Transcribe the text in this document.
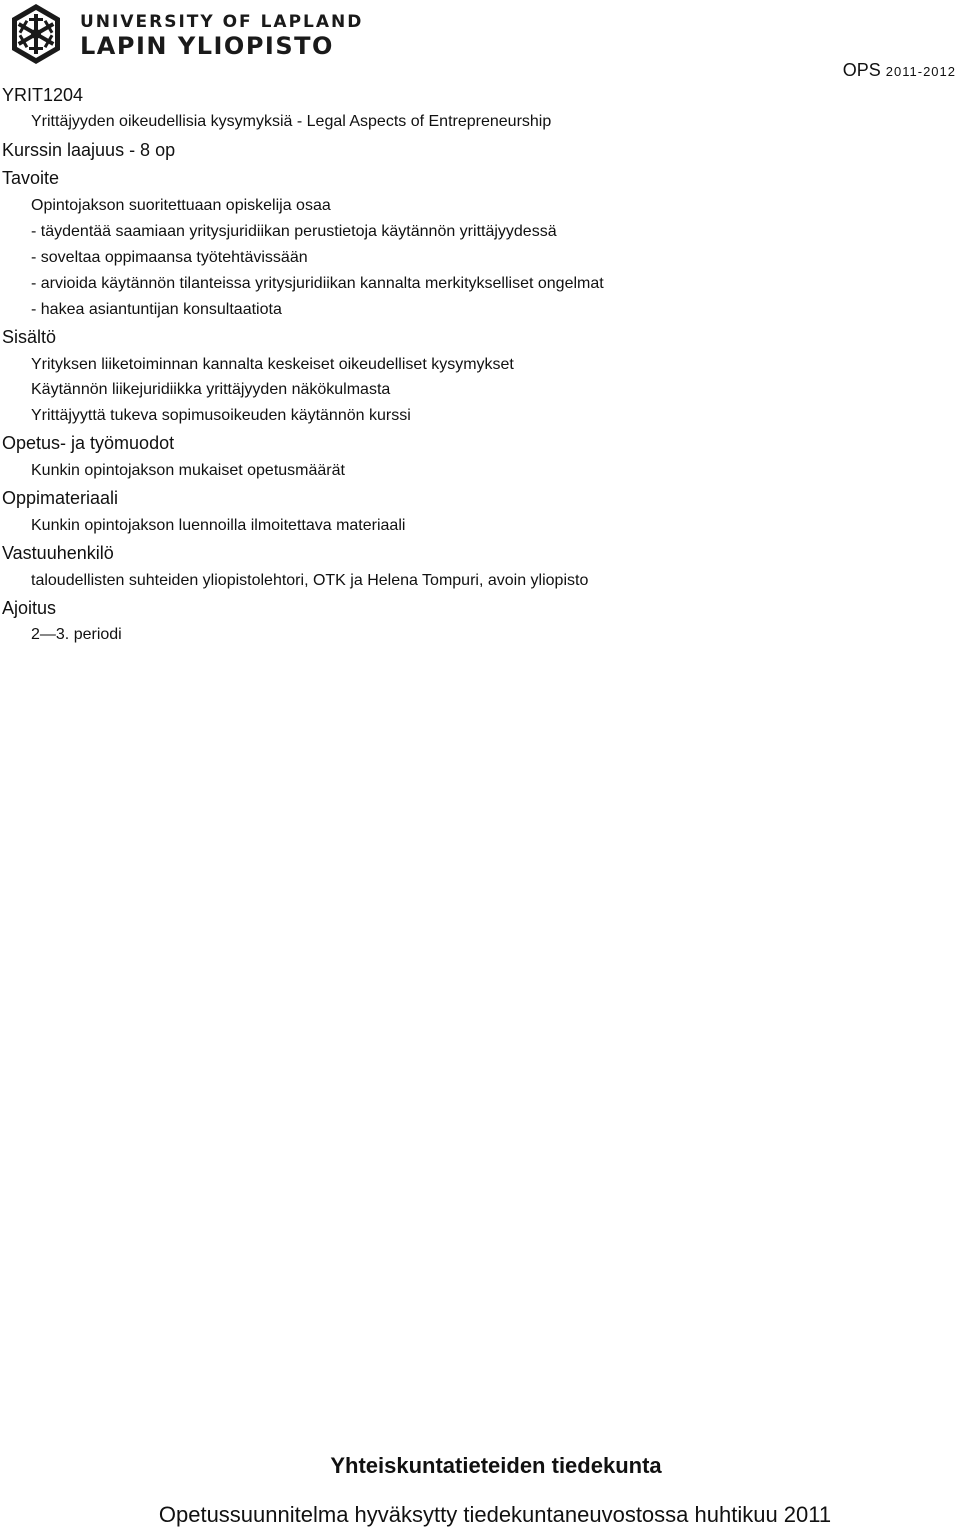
UNIVERSITY OF LAPLAND
LAPIN YLIOPISTO
OPS 2011-2012
YRIT1204
Yrittäjyyden oikeudellisia kysymyksiä - Legal Aspects of Entrepreneurship
Kurssin laajuus - 8 op
Tavoite
Opintojakson suoritettuaan opiskelija osaa
- täydentää saamiaan yritysjuridiikan perustietoja käytännön yrittäjyydessä
- soveltaa oppimaansa työtehtävissään
- arvioida käytännön tilanteissa yritysjuridiikan kannalta merkitykselliset ongelmat
- hakea asiantuntijan konsultaatiota
Sisältö
Yrityksen liiketoiminnan kannalta keskeiset oikeudelliset kysymykset
Käytännön liikejuridiikka yrittäjyyden näkökulmasta
Yrittäjyyttä tukeva sopimusoikeuden käytännön kurssi
Opetus- ja työmuodot
Kunkin opintojakson mukaiset opetusmäärät
Oppimateriaali
Kunkin opintojakson luennoilla ilmoitettava materiaali
Vastuuhenkilö
taloudellisten suhteiden yliopistolehtori, OTK ja Helena Tompuri, avoin yliopisto
Ajoitus
2—3. periodi
Yhteiskuntatieteiden tiedekunta
Opetussuunnitelma hyväksytty tiedekuntaneuvostossa huhtikuu 2011
